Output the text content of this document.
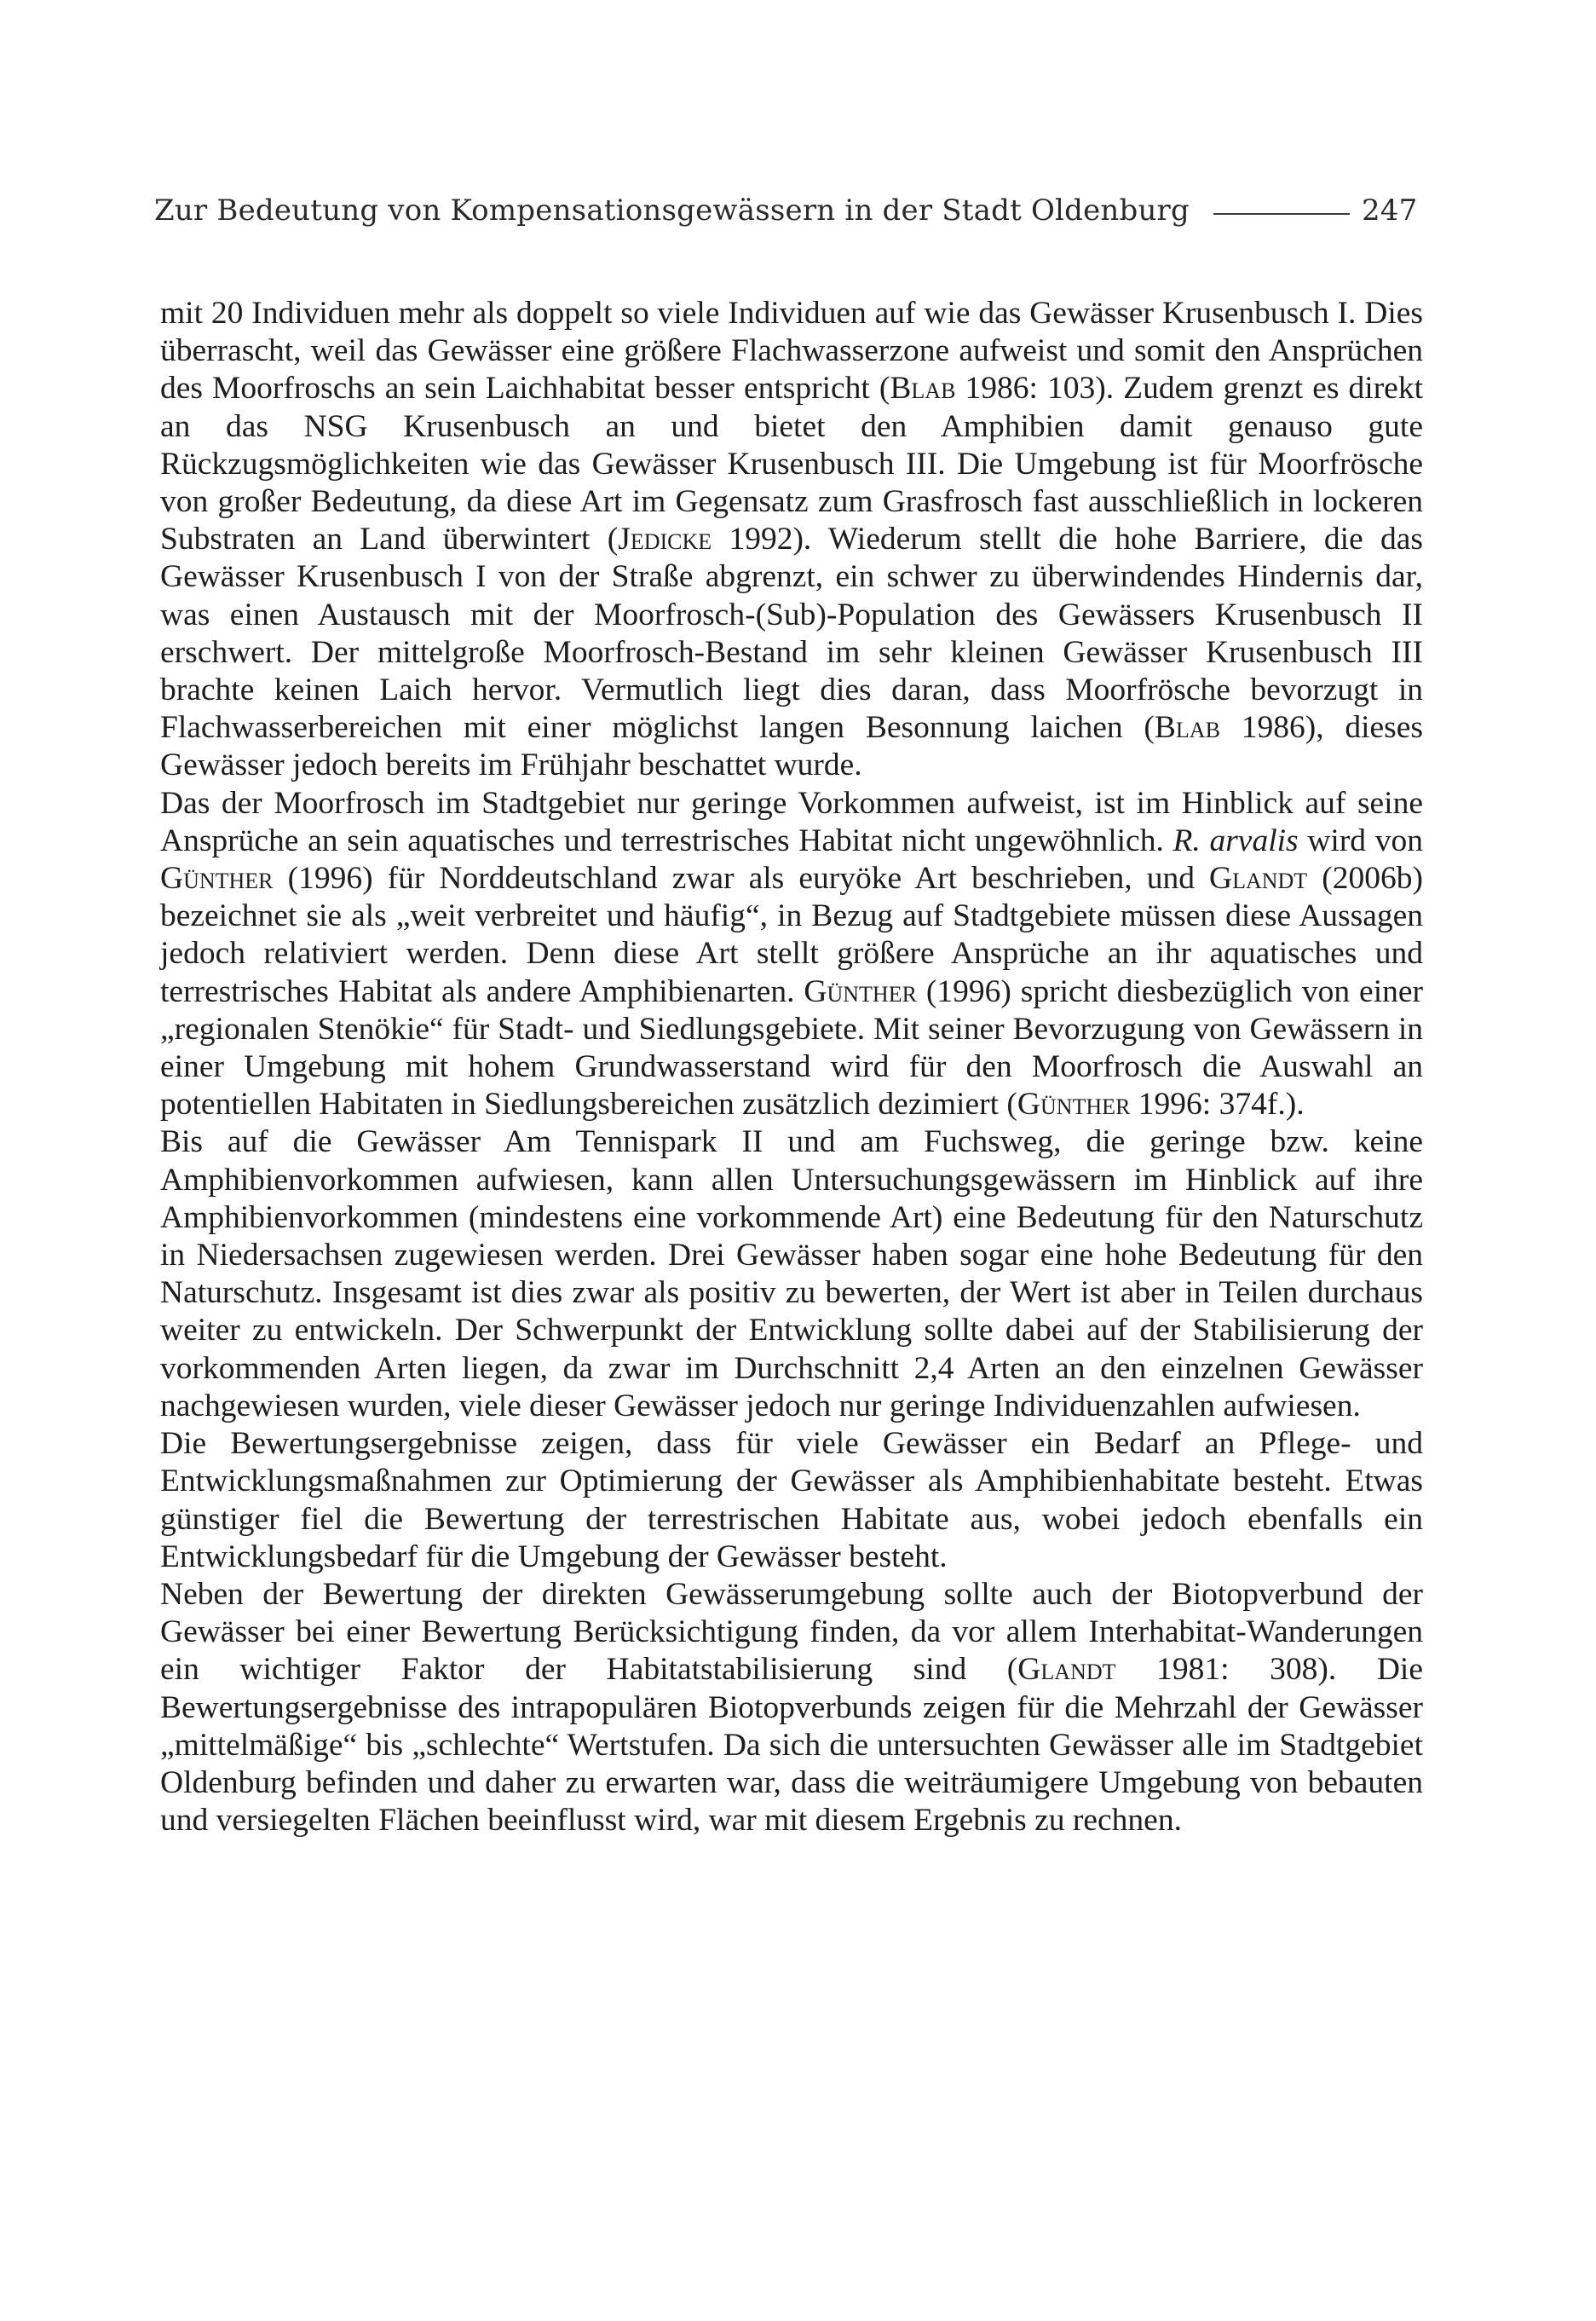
Zur Bedeutung von Kompensationsgewässern in der Stadt Oldenburg	247

mit 20 Individuen mehr als doppelt so viele Individuen auf wie das Gewässer Krusenbusch I. Dies überrascht, weil das Gewässer eine größere Flachwasserzone aufweist und somit den Ansprüchen des Moorfroschs an sein Laichhabitat besser entspricht (Blab 1986: 103). Zudem grenzt es direkt an das NSG Krusenbusch an und bietet den Amphibien damit genauso gute Rückzugsmöglichkeiten wie das Gewässer Krusenbusch III. Die Umgebung ist für Moorfrösche von großer Bedeutung, da diese Art im Gegensatz zum Grasfrosch fast ausschließlich in lockeren Substraten an Land überwintert (Jedicke 1992). Wiederum stellt die hohe Barriere, die das Gewässer Krusenbusch I von der Straße abgrenzt, ein schwer zu überwindendes Hindernis dar, was einen Austausch mit der Moorfrosch-(Sub)-Population des Gewässers Krusenbusch II erschwert. Der mittelgroße Moorfrosch-Bestand im sehr kleinen Gewässer Krusenbusch III brachte keinen Laich hervor. Vermutlich liegt dies daran, dass Moorfrösche bevorzugt in Flachwasserbereichen mit einer möglichst langen Besonnung laichen (Blab 1986), dieses Gewässer jedoch bereits im Frühjahr beschattet wurde.

Das der Moorfrosch im Stadtgebiet nur geringe Vorkommen aufweist, ist im Hinblick auf seine Ansprüche an sein aquatisches und terrestrisches Habitat nicht ungewöhnlich. R. arvalis wird von Günther (1996) für Norddeutschland zwar als euryöke Art beschrieben, und Glandt (2006b) bezeichnet sie als „weit verbreitet und häufig“, in Bezug auf Stadtgebiete müssen diese Aussagen jedoch relativiert werden. Denn diese Art stellt größere Ansprüche an ihr aquatisches und terrestrisches Habitat als andere Amphibienarten. Günther (1996) spricht diesbezüglich von einer „regionalen Stenökie“ für Stadt- und Siedlungsgebiete. Mit seiner Bevorzugung von Gewässern in einer Umgebung mit hohem Grundwasserstand wird für den Moorfrosch die Auswahl an potentiellen Habitaten in Siedlungsbereichen zusätzlich dezimiert (Günther 1996: 374f.).

Bis auf die Gewässer Am Tennispark II und am Fuchsweg, die geringe bzw. keine Amphibienvorkommen aufwiesen, kann allen Untersuchungsgewässern im Hinblick auf ihre Amphibienvorkommen (mindestens eine vorkommende Art) eine Bedeutung für den Naturschutz in Niedersachsen zugewiesen werden. Drei Gewässer haben sogar eine hohe Bedeutung für den Naturschutz. Insgesamt ist dies zwar als positiv zu bewerten, der Wert ist aber in Teilen durchaus weiter zu entwickeln. Der Schwerpunkt der Entwicklung sollte dabei auf der Stabilisierung der vorkommenden Arten liegen, da zwar im Durchschnitt 2,4 Arten an den einzelnen Gewässer nachgewiesen wurden, viele dieser Gewässer jedoch nur geringe Individuenzahlen aufwiesen.

Die Bewertungsergebnisse zeigen, dass für viele Gewässer ein Bedarf an Pflege- und Entwicklungsmaßnahmen zur Optimierung der Gewässer als Amphibienhabitate besteht. Etwas günstiger fiel die Bewertung der terrestrischen Habitate aus, wobei jedoch ebenfalls ein Entwicklungsbedarf für die Umgebung der Gewässer besteht.

Neben der Bewertung der direkten Gewässerumgebung sollte auch der Biotopverbund der Gewässer bei einer Bewertung Berücksichtigung finden, da vor allem Interhabitat-Wanderungen ein wichtiger Faktor der Habitatstabilisierung sind (Glandt 1981: 308). Die Bewertungsergebnisse des intrapopulären Biotopverbunds zeigen für die Mehrzahl der Gewässer „mittelmäßige“ bis „schlechte“ Wertstufen. Da sich die untersuchten Gewässer alle im Stadtgebiet Oldenburg befinden und daher zu erwarten war, dass die weiträumigere Umgebung von bebauten und versiegelten Flächen beeinflusst wird, war mit diesem Ergebnis zu rechnen.
